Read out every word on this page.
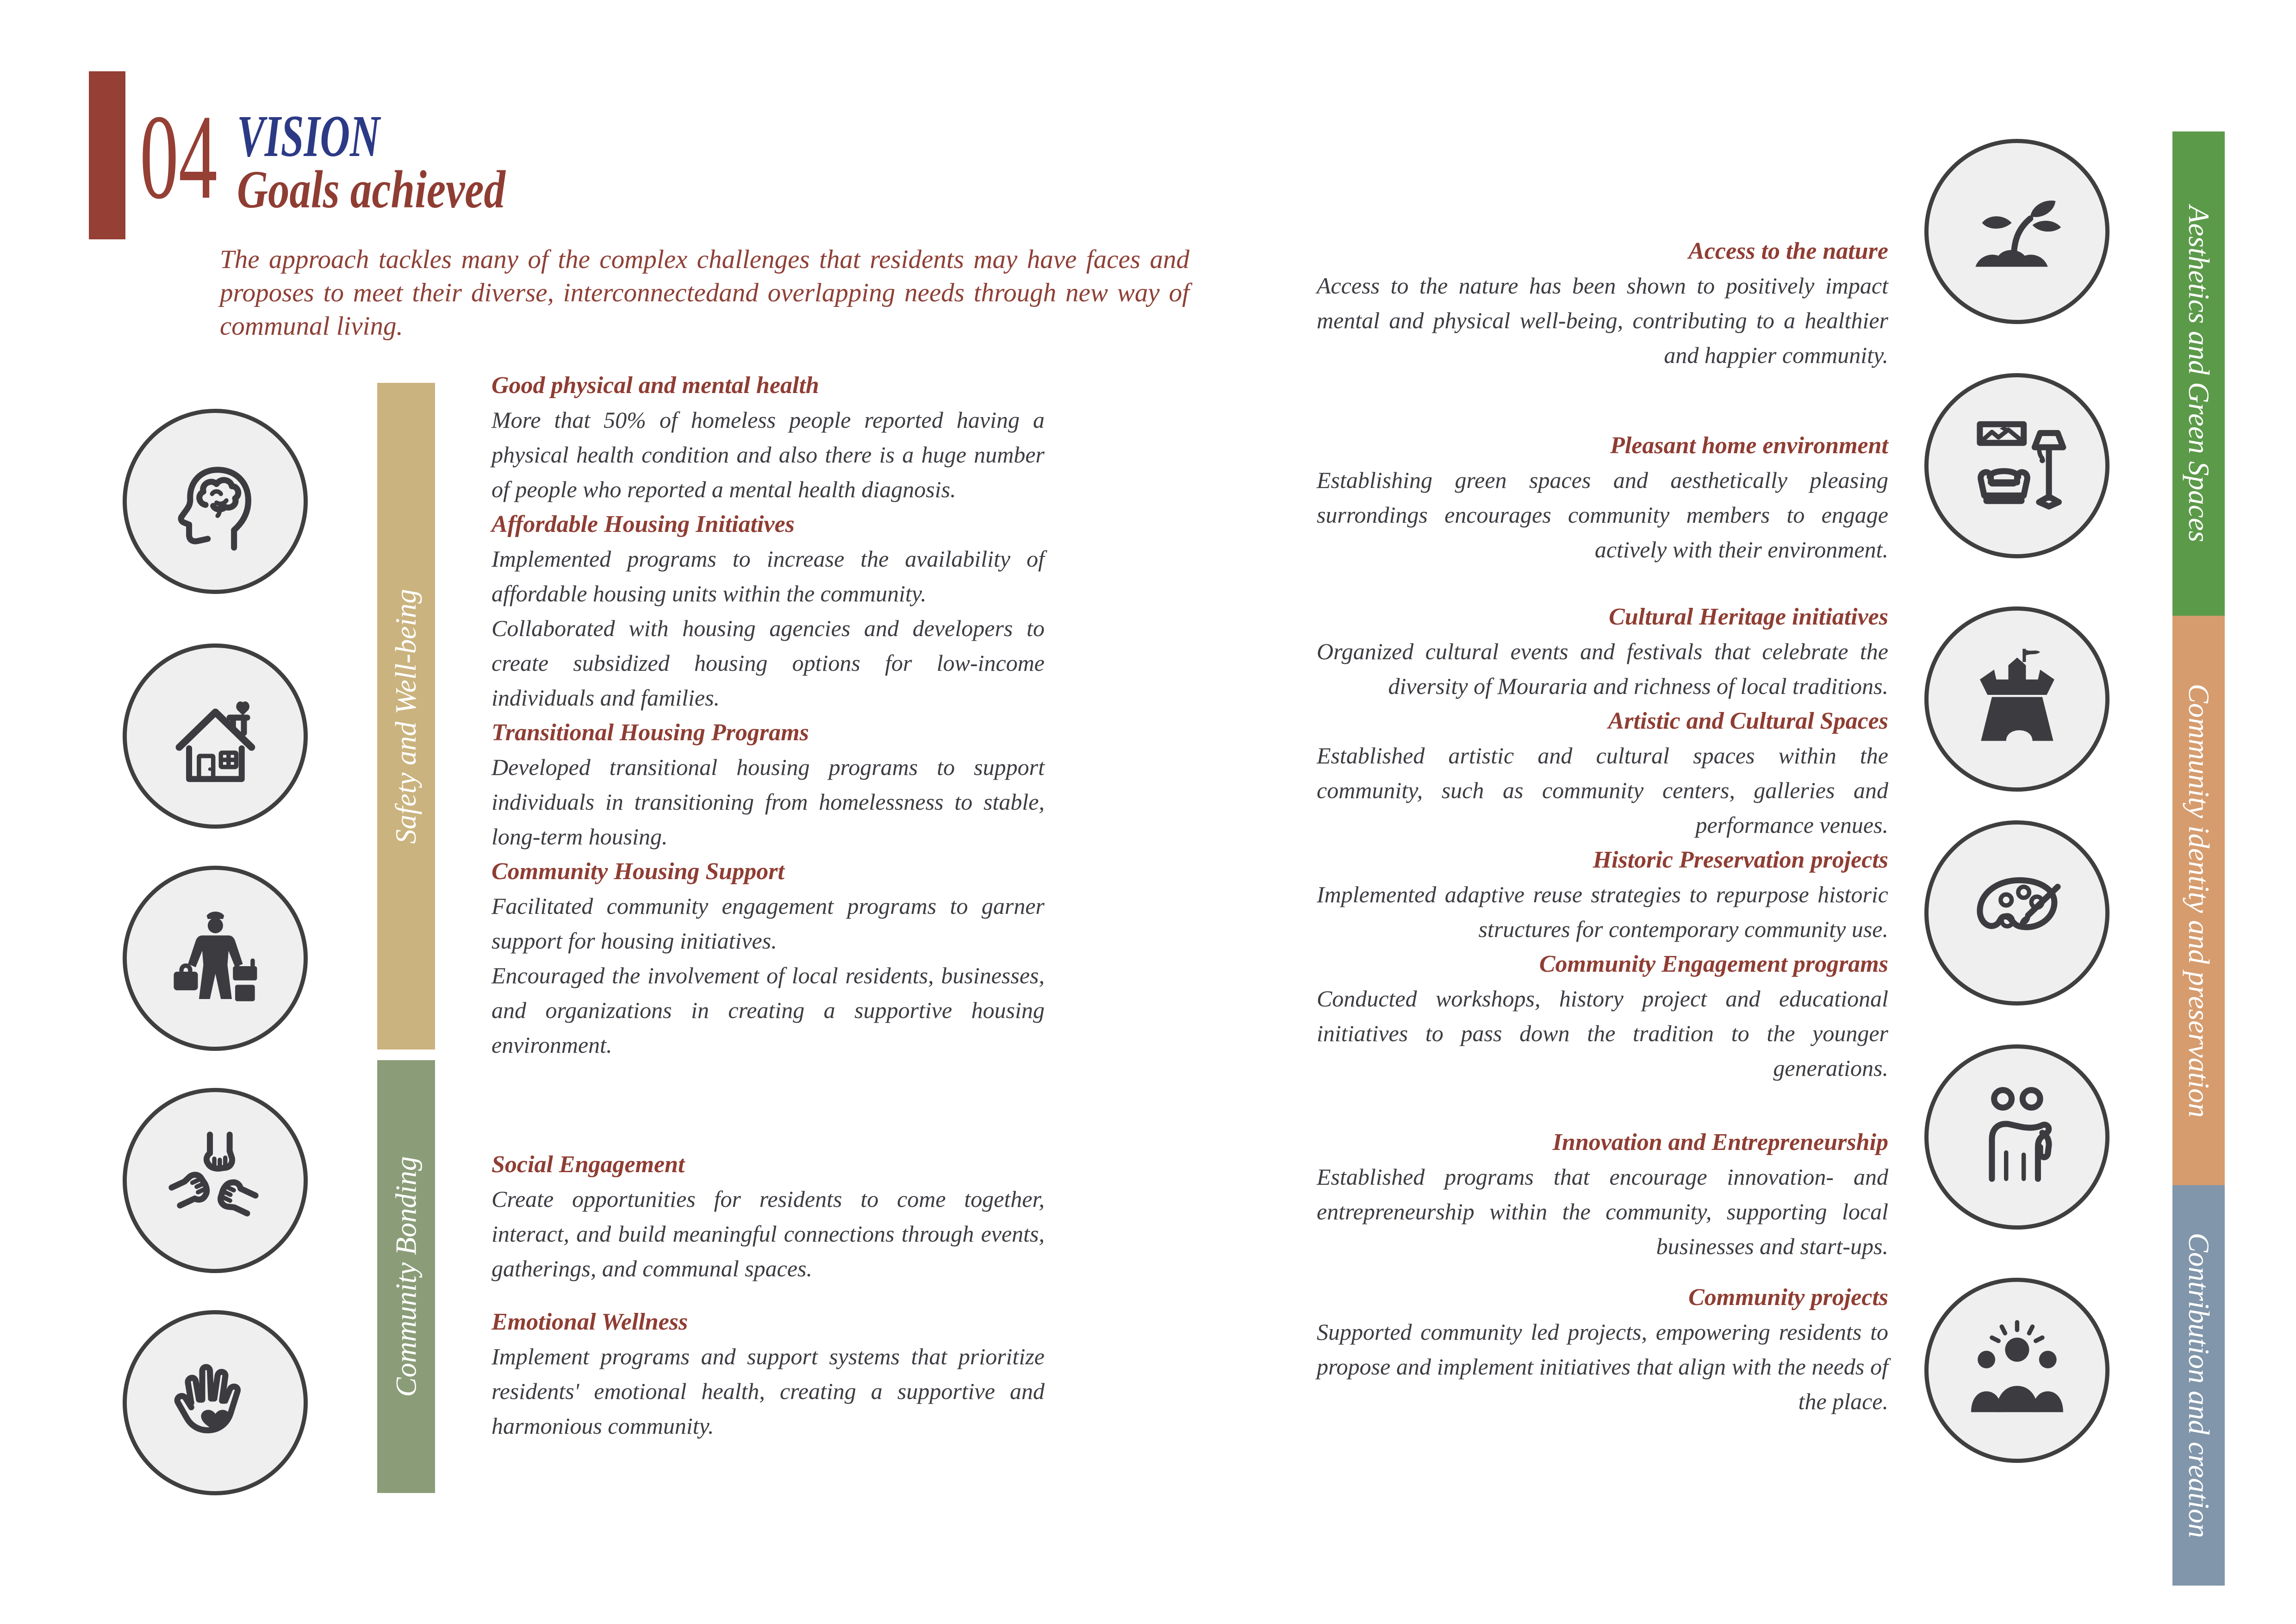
04 VISION
Goals achieved
The approach tackles many of the complex challenges that residents may have faces and proposes to meet their diverse, interconnectedand overlapping needs through new way of communal living.
Safety and Well-being
Community Bonding
Good physical and mental health

More that 50% of homeless people reported having a physical health condition and also there is a huge number of people who reported a mental health diagnosis.

Affordable Housing Initiatives

Implemented programs to increase the availability of affordable housing units within the community.

Collaborated with housing agencies and developers to create subsidized housing options for low-income individuals and families.

Transitional Housing Programs

Developed transitional housing programs to support individuals in transitioning from homelessness to stable, long-term housing.

Community Housing Support

Facilitated community engagement programs to garner support for housing initiatives.

Encouraged the involvement of local residents, businesses, and organizations in creating a supportive housing environment.

Social Engagement

Create opportunities for residents to come together, interact, and build meaningful connections through events, gatherings, and communal spaces.

Emotional Wellness

Implement programs and support systems that prioritize residents' emotional health, creating a supportive and harmonious community.

Access to the nature

Access to the nature has been shown to positively impact mental and physical well-being, contributing to a healthier and happier community.

Pleasant home environment

Establishing green spaces and aesthetically pleasing surrondings encourages community members to engage actively with their environment.

Cultural Heritage initiatives

Organized cultural events and festivals that celebrate the diversity of Mouraria and richness of local traditions.

Artistic and Cultural Spaces

Established artistic and cultural spaces within the community, such as community centers, galleries and performance venues.

Historic Preservation projects

Implemented adaptive reuse strategies to repurpose historic structures for contemporary community use.

Community Engagement programs

Conducted workshops, history project and educational initiatives to pass down the tradition to the younger generations.

Innovation and Entrepreneurship

Established programs that encourage innovation- and entrepreneurship within the community, supporting local businesses and start-ups.

Community projects

Supported community led projects, empowering residents to propose and implement initiatives that align with the needs of the place.

Aesthetics and Green Spaces
Community identity and preservation
Contribution and creation
